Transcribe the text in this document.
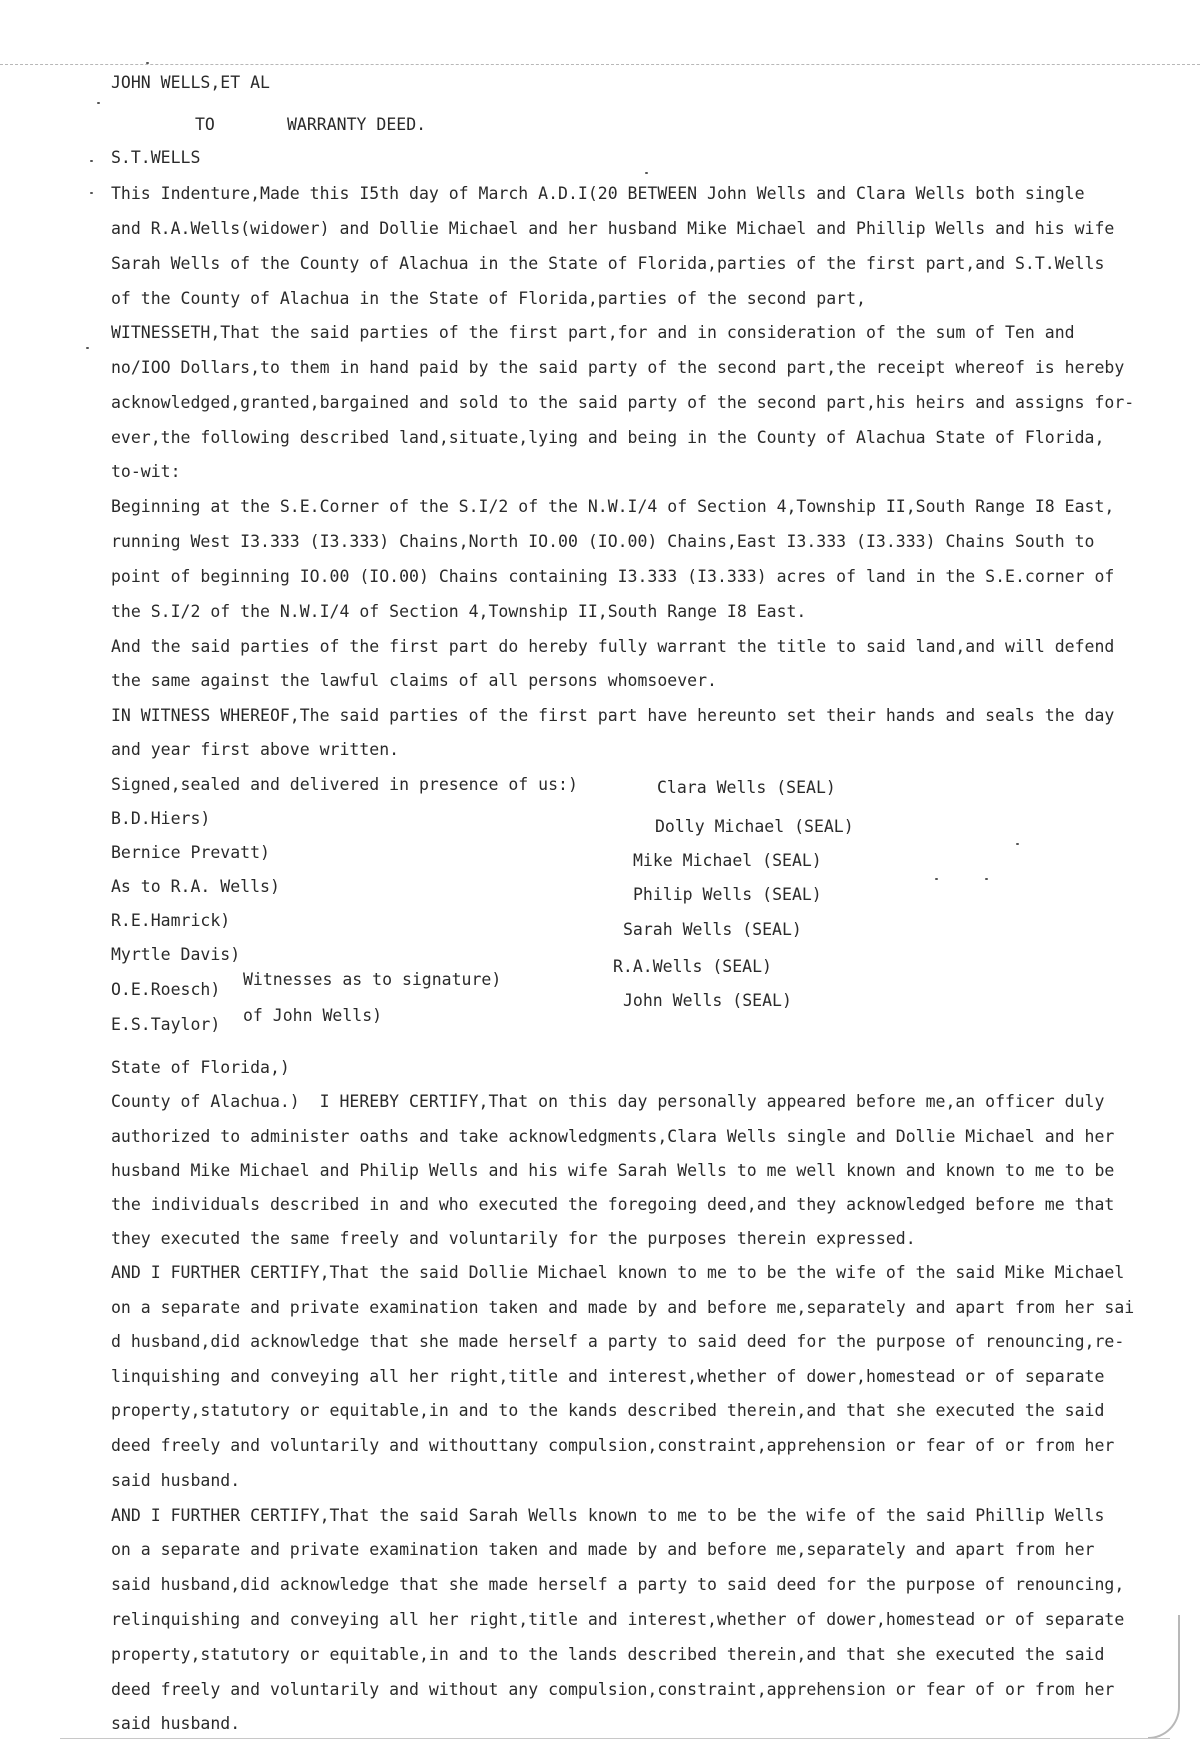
JOHN WELLS,ET AL
TO	WARRANTY DEED.
S.T.WELLS
This Indenture,Made this I5th day of March A.D.I(20 BETWEEN John Wells and Clara Wells both single
and R.A.Wells(widower) and Dollie Michael and her husband Mike Michael and Phillip Wells and his wife
Sarah Wells of the County of Alachua in the State of Florida,parties of the first part,and S.T.Wells
of the County of Alachua in the State of Florida,parties of the second part,
WITNESSETH,That the said parties of the first part,for and in consideration of the sum of Ten and
no/IOO Dollars,to them in hand paid by the said party of the second part,the receipt whereof is hereby
acknowledged,granted,bargained and sold to the said party of the second part,his heirs and assigns for-
ever,the following described land,situate,lying and being in the County of Alachua State of Florida,
to-wit:
Beginning at the S.E.Corner of the S.I/2 of the N.W.I/4 of Section 4,Township II,South Range I8 East,
running West I3.333 (I3.333) Chains,North IO.00 (IO.00) Chains,East I3.333 (I3.333) Chains South to
point of beginning IO.00 (IO.00) Chains containing I3.333 (I3.333) acres of land in the S.E.corner of
the S.I/2 of the N.W.I/4 of Section 4,Township II,South Range I8 East.
And the said parties of the first part do hereby fully warrant the title to said land,and will defend
the same against the lawful claims of all persons whomsoever.
IN WITNESS WHEREOF,The said parties of the first part have hereunto set their hands and seals the day
and year first above written.
Signed,sealed and delivered in presence of us:)
B.D.Hiers)
Bernice Prevatt)
As to R.A. Wells)
R.E.Hamrick)
Myrtle Davis)
O.E.Roesch)
E.S.Taylor)
Witnesses as to signature)
of John Wells)
Clara Wells (SEAL)
Dolly Michael (SEAL)
Mike Michael (SEAL)
Philip Wells (SEAL)
Sarah Wells (SEAL)
R.A.Wells (SEAL)
John Wells (SEAL)
State of Florida,)
County of Alachua.)  I HEREBY CERTIFY,That on this day personally appeared before me,an officer duly
authorized to administer oaths and take acknowledgments,Clara Wells single and Dollie Michael and her
husband Mike Michael and Philip Wells and his wife Sarah Wells to me well known and known to me to be
the individuals described in and who executed the foregoing deed,and they acknowledged before me that
they executed the same freely and voluntarily for the purposes therein expressed.
AND I FURTHER CERTIFY,That the said Dollie Michael known to me to be the wife of the said Mike Michael
on a separate and private examination taken and made by and before me,separately and apart from her sai
d husband,did acknowledge that she made herself a party to said deed for the purpose of renouncing,re-
linquishing and conveying all her right,title and interest,whether of dower,homestead or of separate
property,statutory or equitable,in and to the kands described therein,and that she executed the said
deed freely and voluntarily and withouttany compulsion,constraint,apprehension or fear of or from her
said husband.
AND I FURTHER CERTIFY,That the said Sarah Wells known to me to be the wife of the said Phillip Wells
on a separate and private examination taken and made by and before me,separately and apart from her
said husband,did acknowledge that she made herself a party to said deed for the purpose of renouncing,
relinquishing and conveying all her right,title and interest,whether of dower,homestead or of separate
property,statutory or equitable,in and to the lands described therein,and that she executed the said
deed freely and voluntarily and without any compulsion,constraint,apprehension or fear of or from her
said husband.
